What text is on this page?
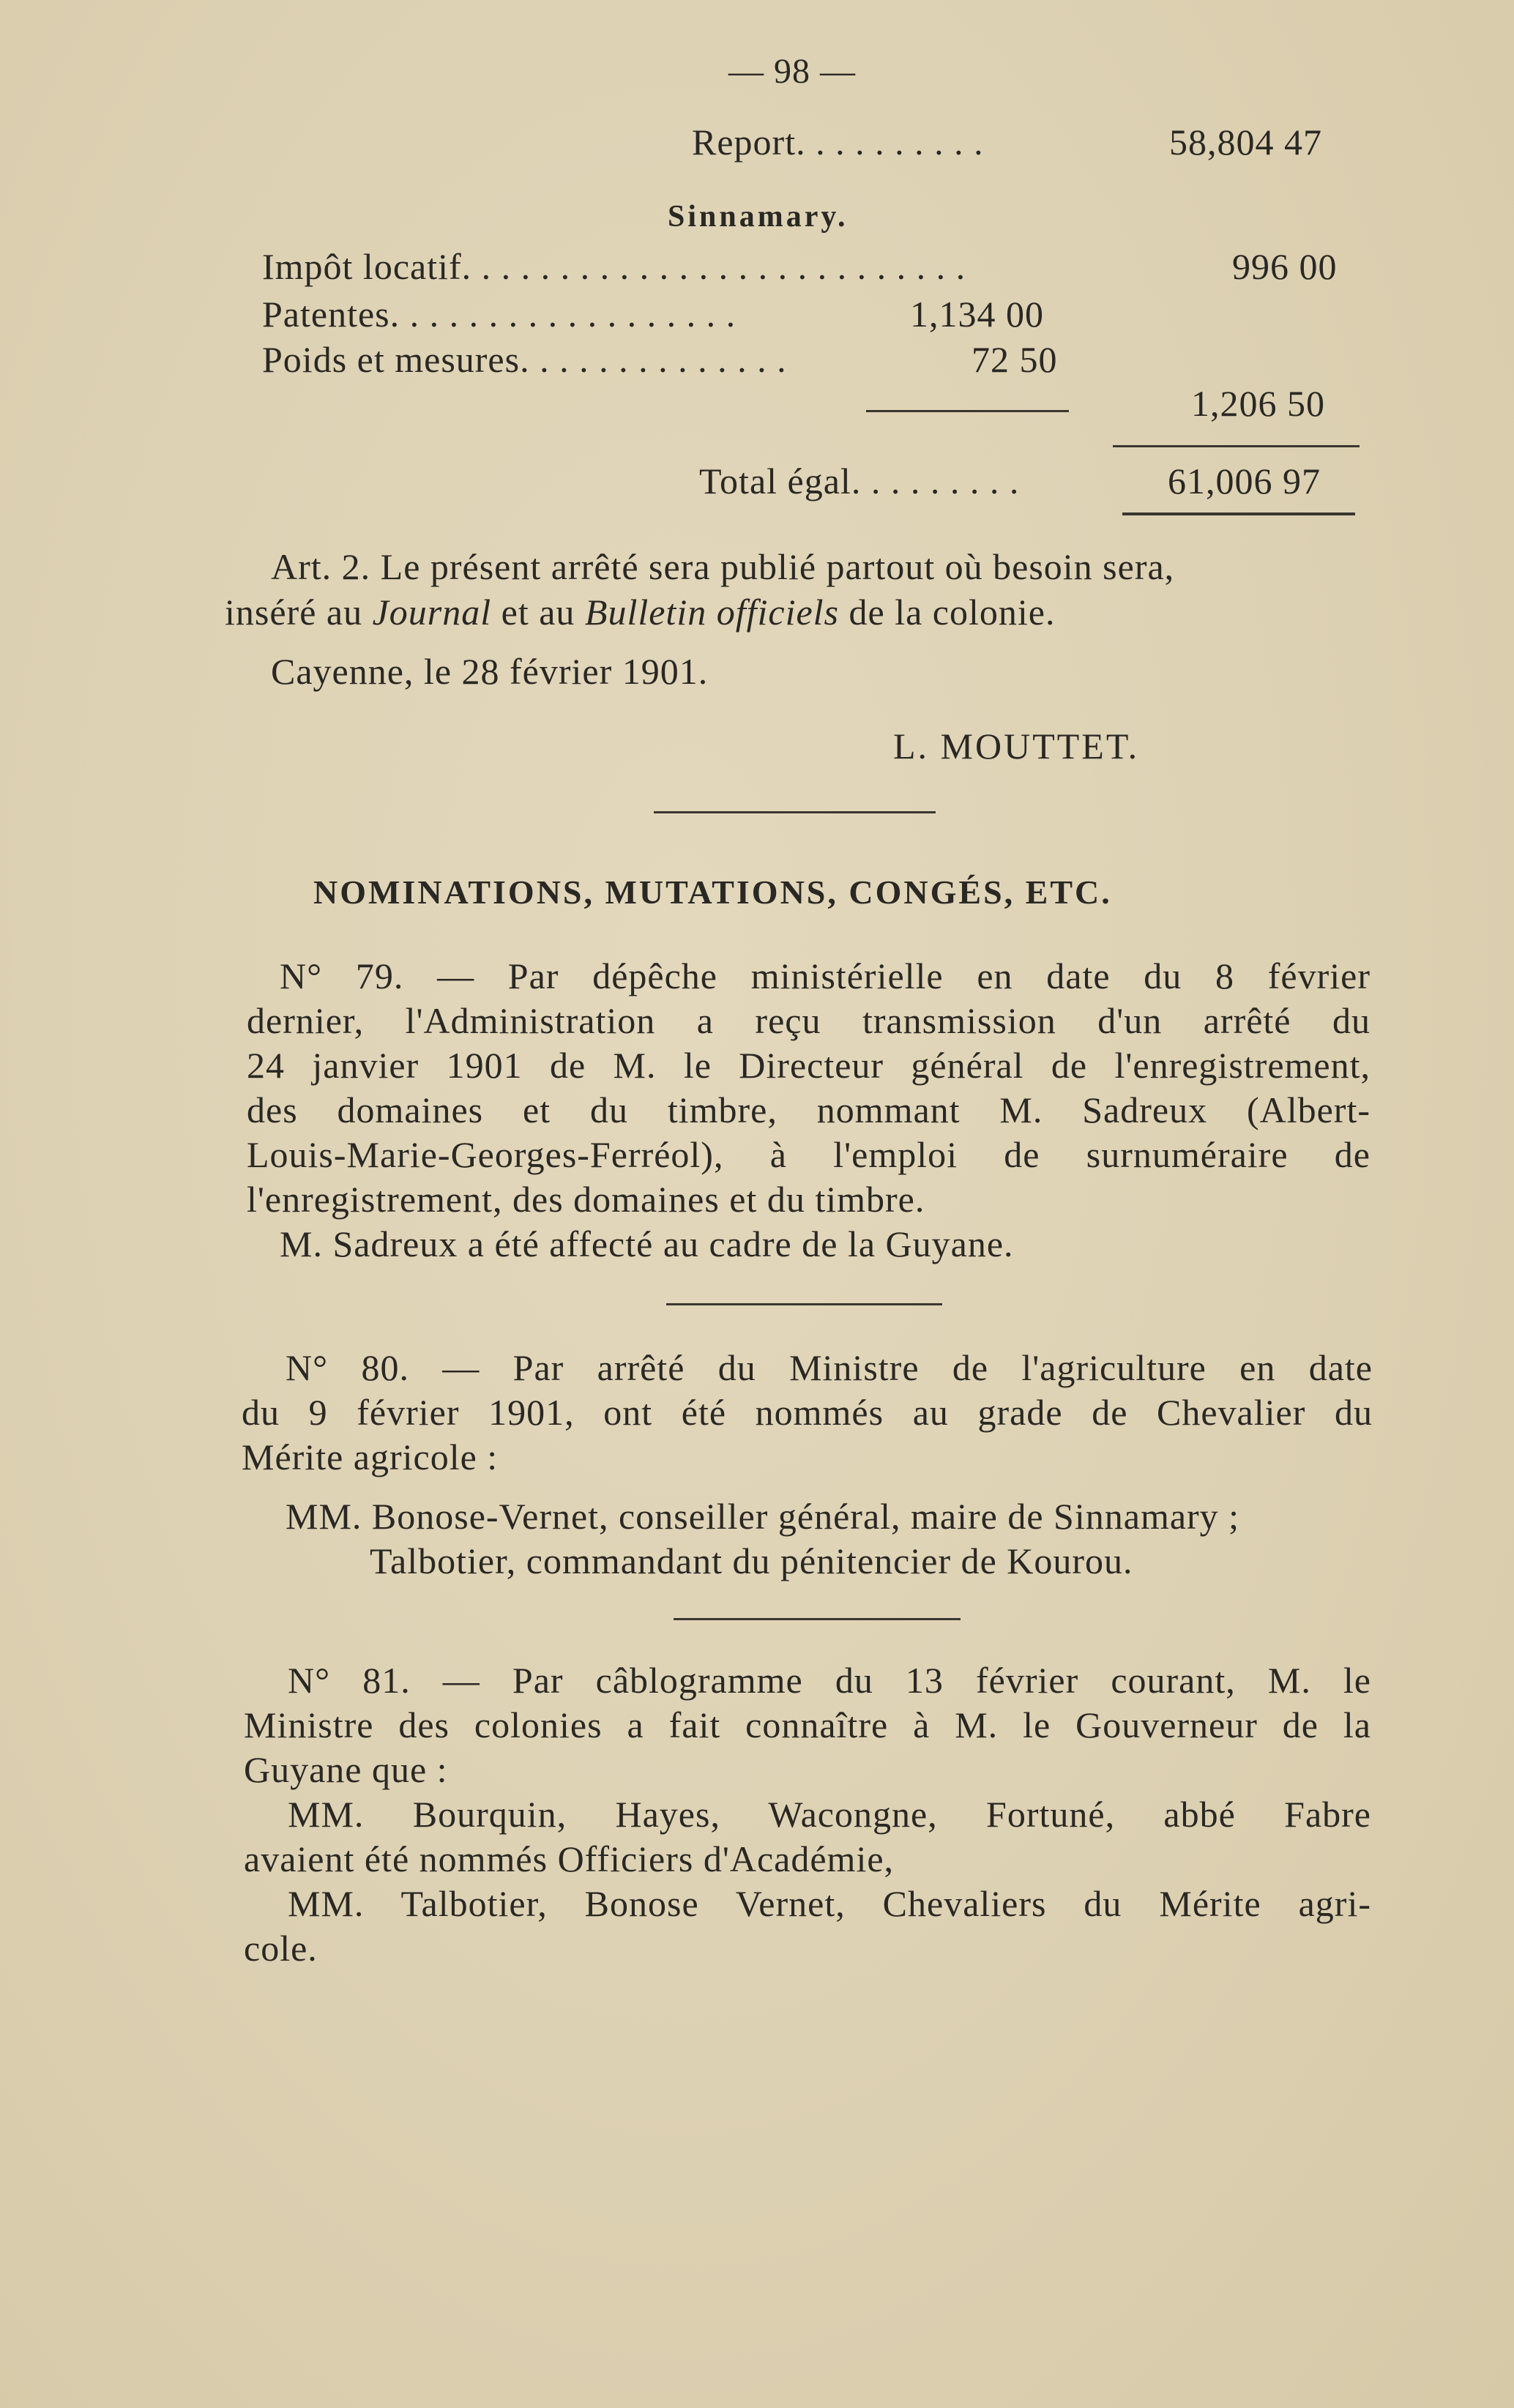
— 98 —
Report. . . . . . . . . .	58,804 47
Sinnamary.
Impôt locatif. . . . . . . . . . . . . . . . . . . . . . . . . .	996 00
Patentes. . . . . . . . . . . . . . . . . .	1,134 00
Poids et mesures. . . . . . . . . . . . . .	72 50
1,206 50
Total égal. . . . . . . . .	61,006 97
Art. 2. Le présent arrêté sera publié partout où besoin sera,
inséré au Journal et au Bulletin officiels de la colonie.
Cayenne, le 28 février 1901.
L. MOUTTET.
NOMINATIONS, MUTATIONS, CONGÉS, ETC.

N° 79. — Par dépêche ministérielle en date du 8 février

dernier, l'Administration a reçu transmission d'un arrêté du

24 janvier 1901 de M. le Directeur général de l'enregistrement,

des domaines et du timbre, nommant M. Sadreux (Albert-

Louis-Marie-Georges-Ferréol), à l'emploi de surnuméraire de

l'enregistrement, des domaines et du timbre.

M. Sadreux a été affecté au cadre de la Guyane.

N° 80. — Par arrêté du Ministre de l'agriculture en date

du 9 février 1901, ont été nommés au grade de Chevalier du

Mérite agricole :

MM. Bonose-Vernet, conseiller général, maire de Sinnamary ;

Talbotier, commandant du pénitencier de Kourou.

N° 81. — Par câblogramme du 13 février courant, M. le

Ministre des colonies a fait connaître à M. le Gouverneur de la

Guyane que :

MM. Bourquin, Hayes, Wacongne, Fortuné, abbé Fabre

avaient été nommés Officiers d'Académie,

MM. Talbotier, Bonose Vernet, Chevaliers du Mérite agri-

cole.
